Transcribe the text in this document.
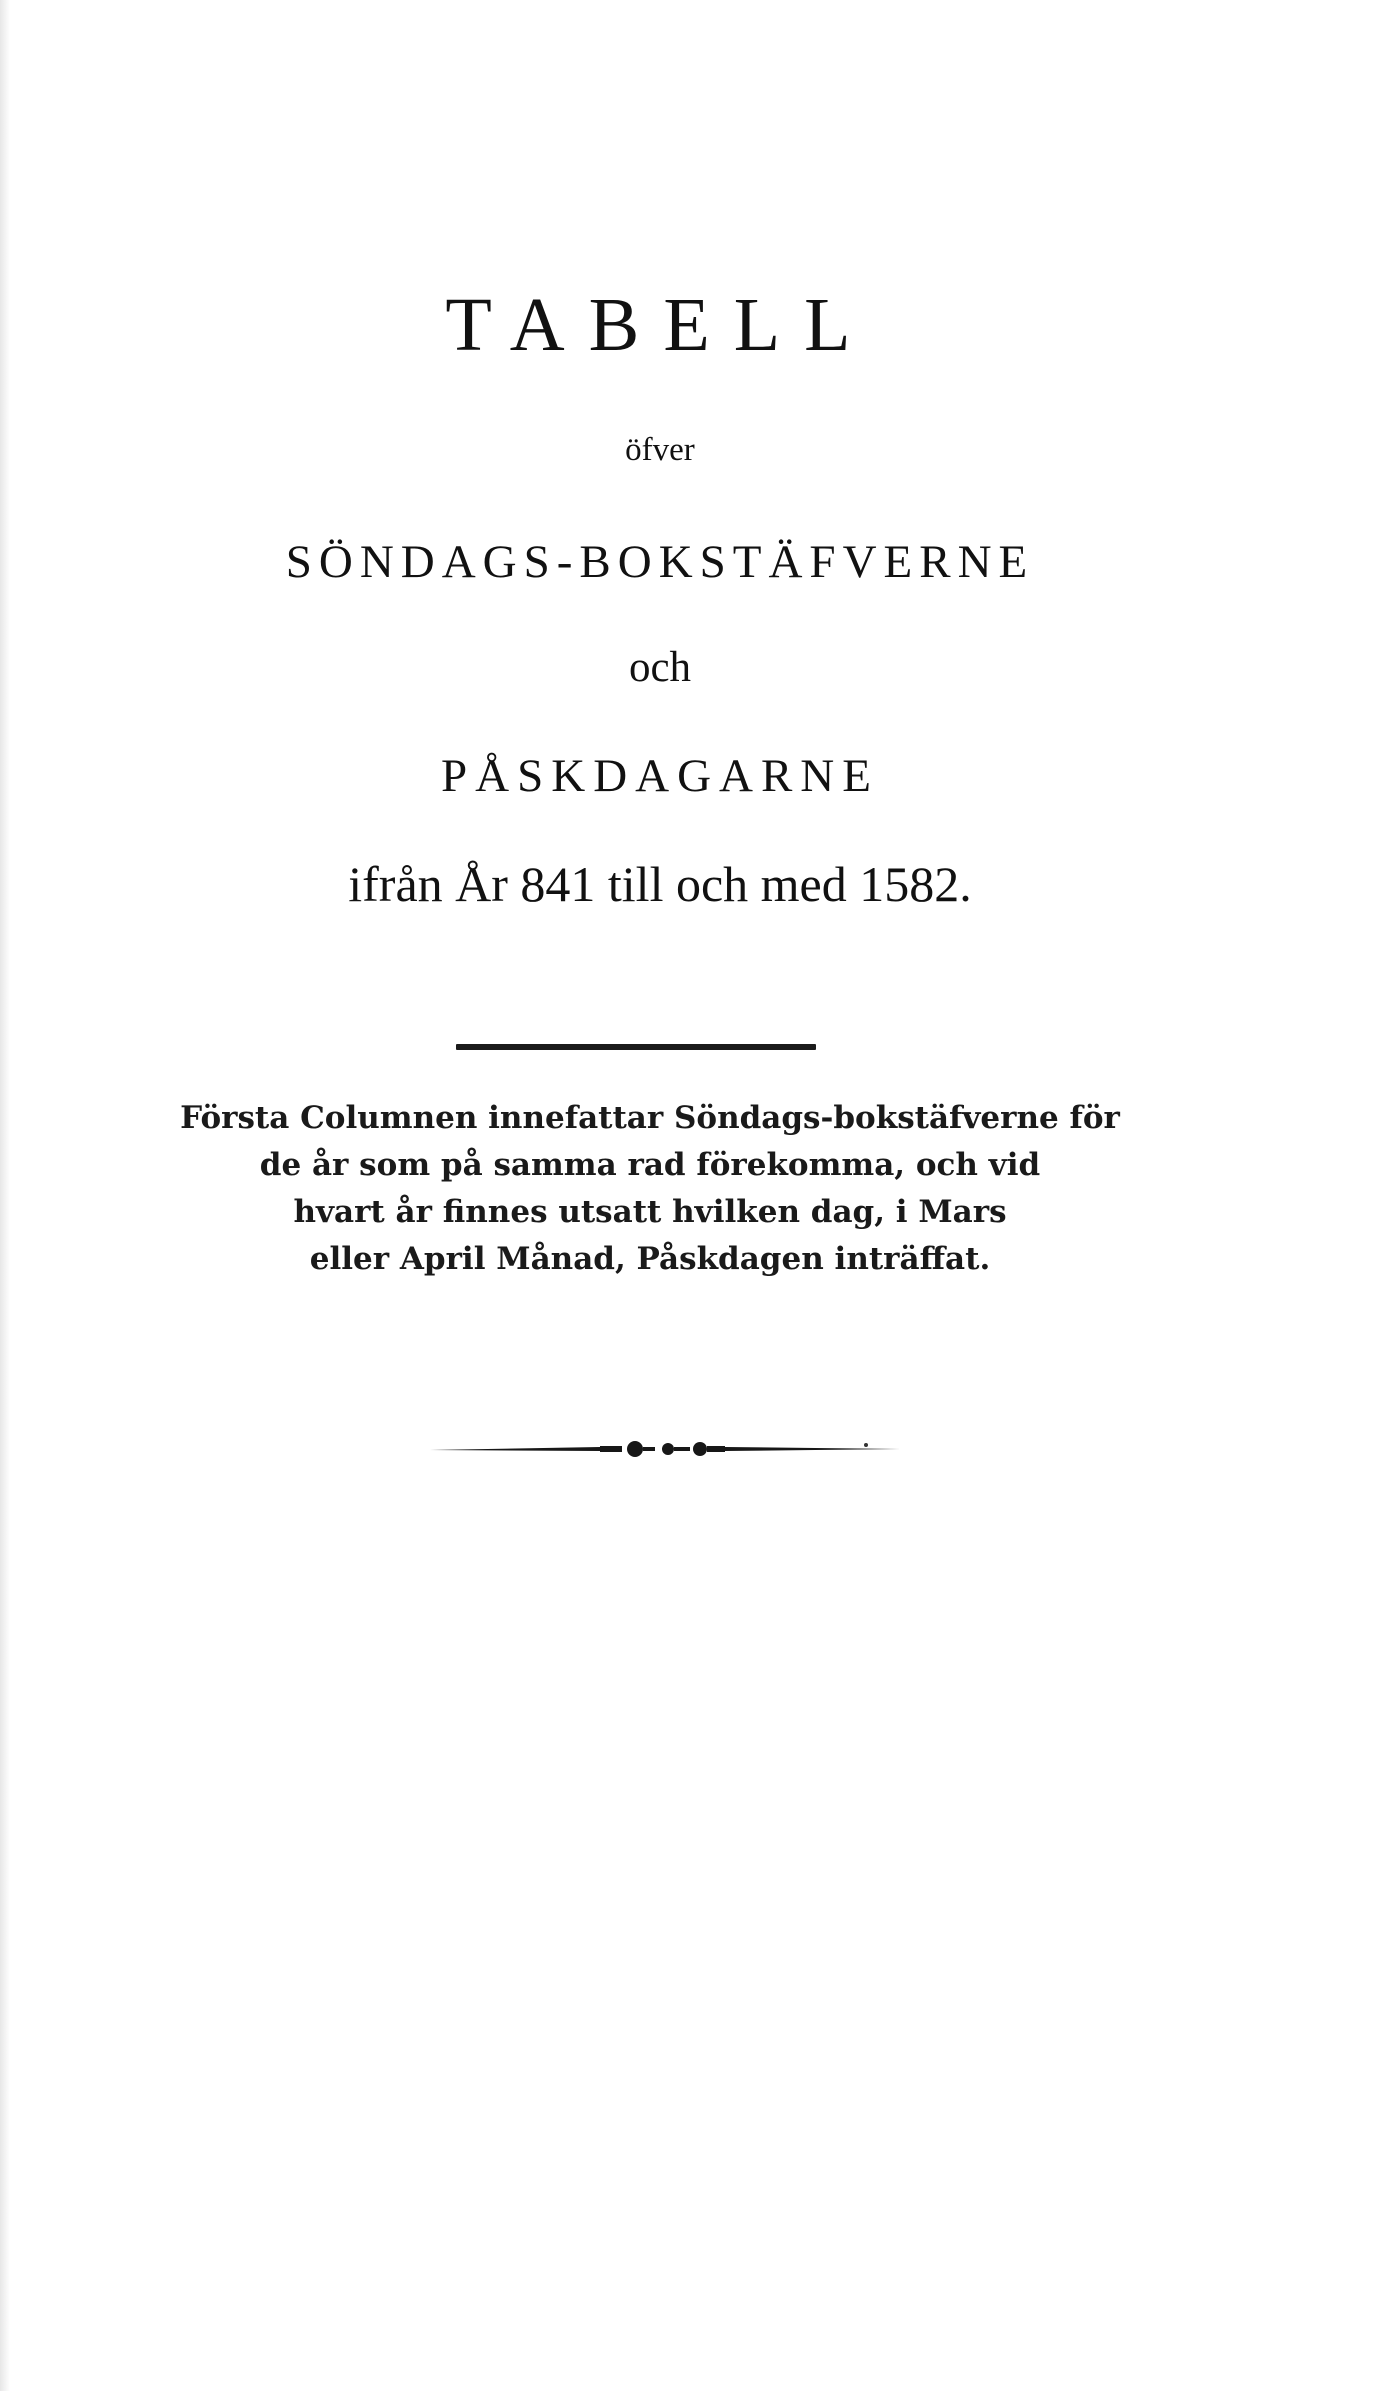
TABELL
öfver
SÖNDAGS-BOKSTÄFVERNE
och
PÅSKDAGARNE
ifrån År 841 till och med 1582.
Första Columnen innefattar Söndags-bokstäfverne för
de år som på samma rad förekomma, och vid
hvart år finnes utsatt hvilken dag, i Mars
eller April Månad, Påskdagen inträffat.
